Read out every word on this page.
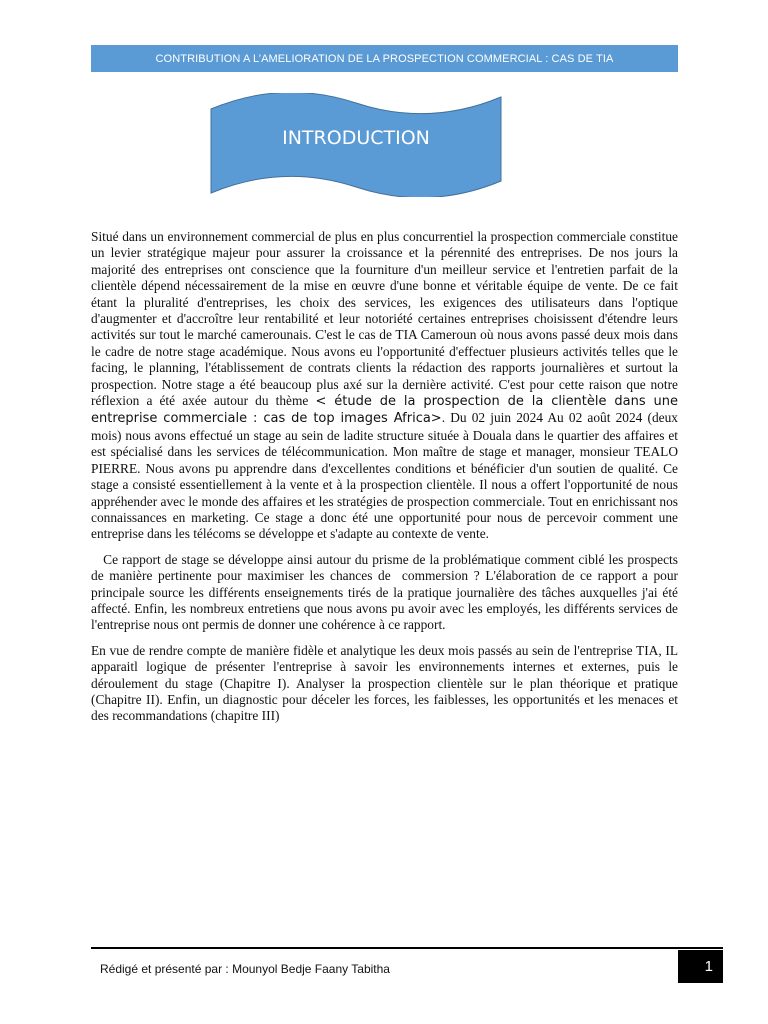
CONTRIBUTION A L’AMELIORATION DE LA PROSPECTION COMMERCIAL : CAS DE TIA
INTRODUCTION

Situé dans un environnement commercial de plus en plus concurrentiel la prospection commerciale constitue un levier stratégique majeur pour assurer la croissance et la pérennité des entreprises. De nos jours la majorité des entreprises ont conscience que la fourniture d'un meilleur service et l'entretien parfait de la clientèle dépend nécessairement de la mise en œuvre d'une bonne et véritable équipe de vente. De ce fait étant la pluralité d'entreprises, les choix des services, les exigences des utilisateurs dans l'optique d'augmenter et d'accroître leur rentabilité et leur notoriété certaines entreprises choisissent d'étendre leurs activités sur tout le marché camerounais. C'est le cas de TIA Cameroun où nous avons passé deux mois dans le cadre de notre stage académique. Nous avons eu l'opportunité d'effectuer plusieurs activités telles que le facing, le planning, l'établissement de contrats clients la rédaction des rapports journalières et surtout la prospection. Notre stage a été beaucoup plus axé sur la dernière activité. C'est pour cette raison que notre réflexion a été axée autour du thème < étude de la prospection de la clientèle dans une entreprise commerciale : cas de top images Africa>. Du 02 juin 2024 Au 02 août 2024 (deux mois) nous avons effectué un stage au sein de ladite structure située à Douala dans le quartier des affaires et est spécialisé dans les services de télécommunication. Mon maître de stage et manager, monsieur TEALO PIERRE. Nous avons pu apprendre dans d'excellentes conditions et bénéficier d'un soutien de qualité. Ce stage a consisté essentiellement à la vente et à la prospection clientèle. Il nous a offert l'opportunité de nous appréhender avec le monde des affaires et les stratégies de prospection commerciale. Tout en enrichissant nos connaissances en marketing. Ce stage a donc été une opportunité pour nous de percevoir comment une entreprise dans les télécoms se développe et s'adapte au contexte de vente.

Ce rapport de stage se développe ainsi autour du prisme de la problématique comment ciblé les prospects de manière pertinente pour maximiser les chances de  commersion ? L'élaboration de ce rapport a pour principale source les différents enseignements tirés de la pratique journalière des tâches auxquelles j'ai été affecté. Enfin, les nombreux entretiens que nous avons pu avoir avec les employés, les différents services de l'entreprise nous ont permis de donner une cohérence à ce rapport.

En vue de rendre compte de manière fidèle et analytique les deux mois passés au sein de l'entreprise TIA, IL apparaitl logique de présenter l'entreprise à savoir les environnements internes et externes, puis le déroulement du stage (Chapitre I). Analyser la prospection clientèle sur le plan théorique et pratique (Chapitre II). Enfin, un diagnostic pour déceler les forces, les faiblesses, les opportunités et les menaces et des recommandations (chapitre III)

Rédigé et présenté par : Mounyol Bedje Faany Tabitha	1
